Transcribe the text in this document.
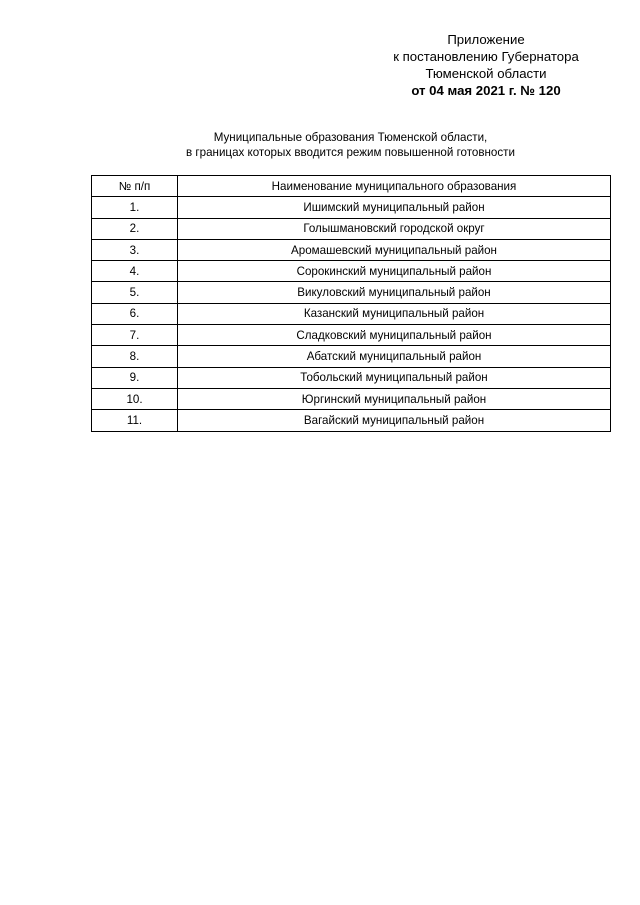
Приложение
к постановлению Губернатора
Тюменской области
от 04 мая 2021 г. № 120
Муниципальные образования Тюменской области,
в границах которых вводится режим повышенной готовности
№ п/п	Наименование муниципального образования
1.	Ишимский муниципальный район
2.	Голышмановский городской округ
3.	Аромашевский муниципальный район
4.	Сорокинский муниципальный район
5.	Викуловский муниципальный район
6.	Казанский муниципальный район
7.	Сладковский муниципальный район
8.	Абатский муниципальный район
9.	Тобольский муниципальный район
10.	Юргинский муниципальный район
11.	Вагайский муниципальный район
